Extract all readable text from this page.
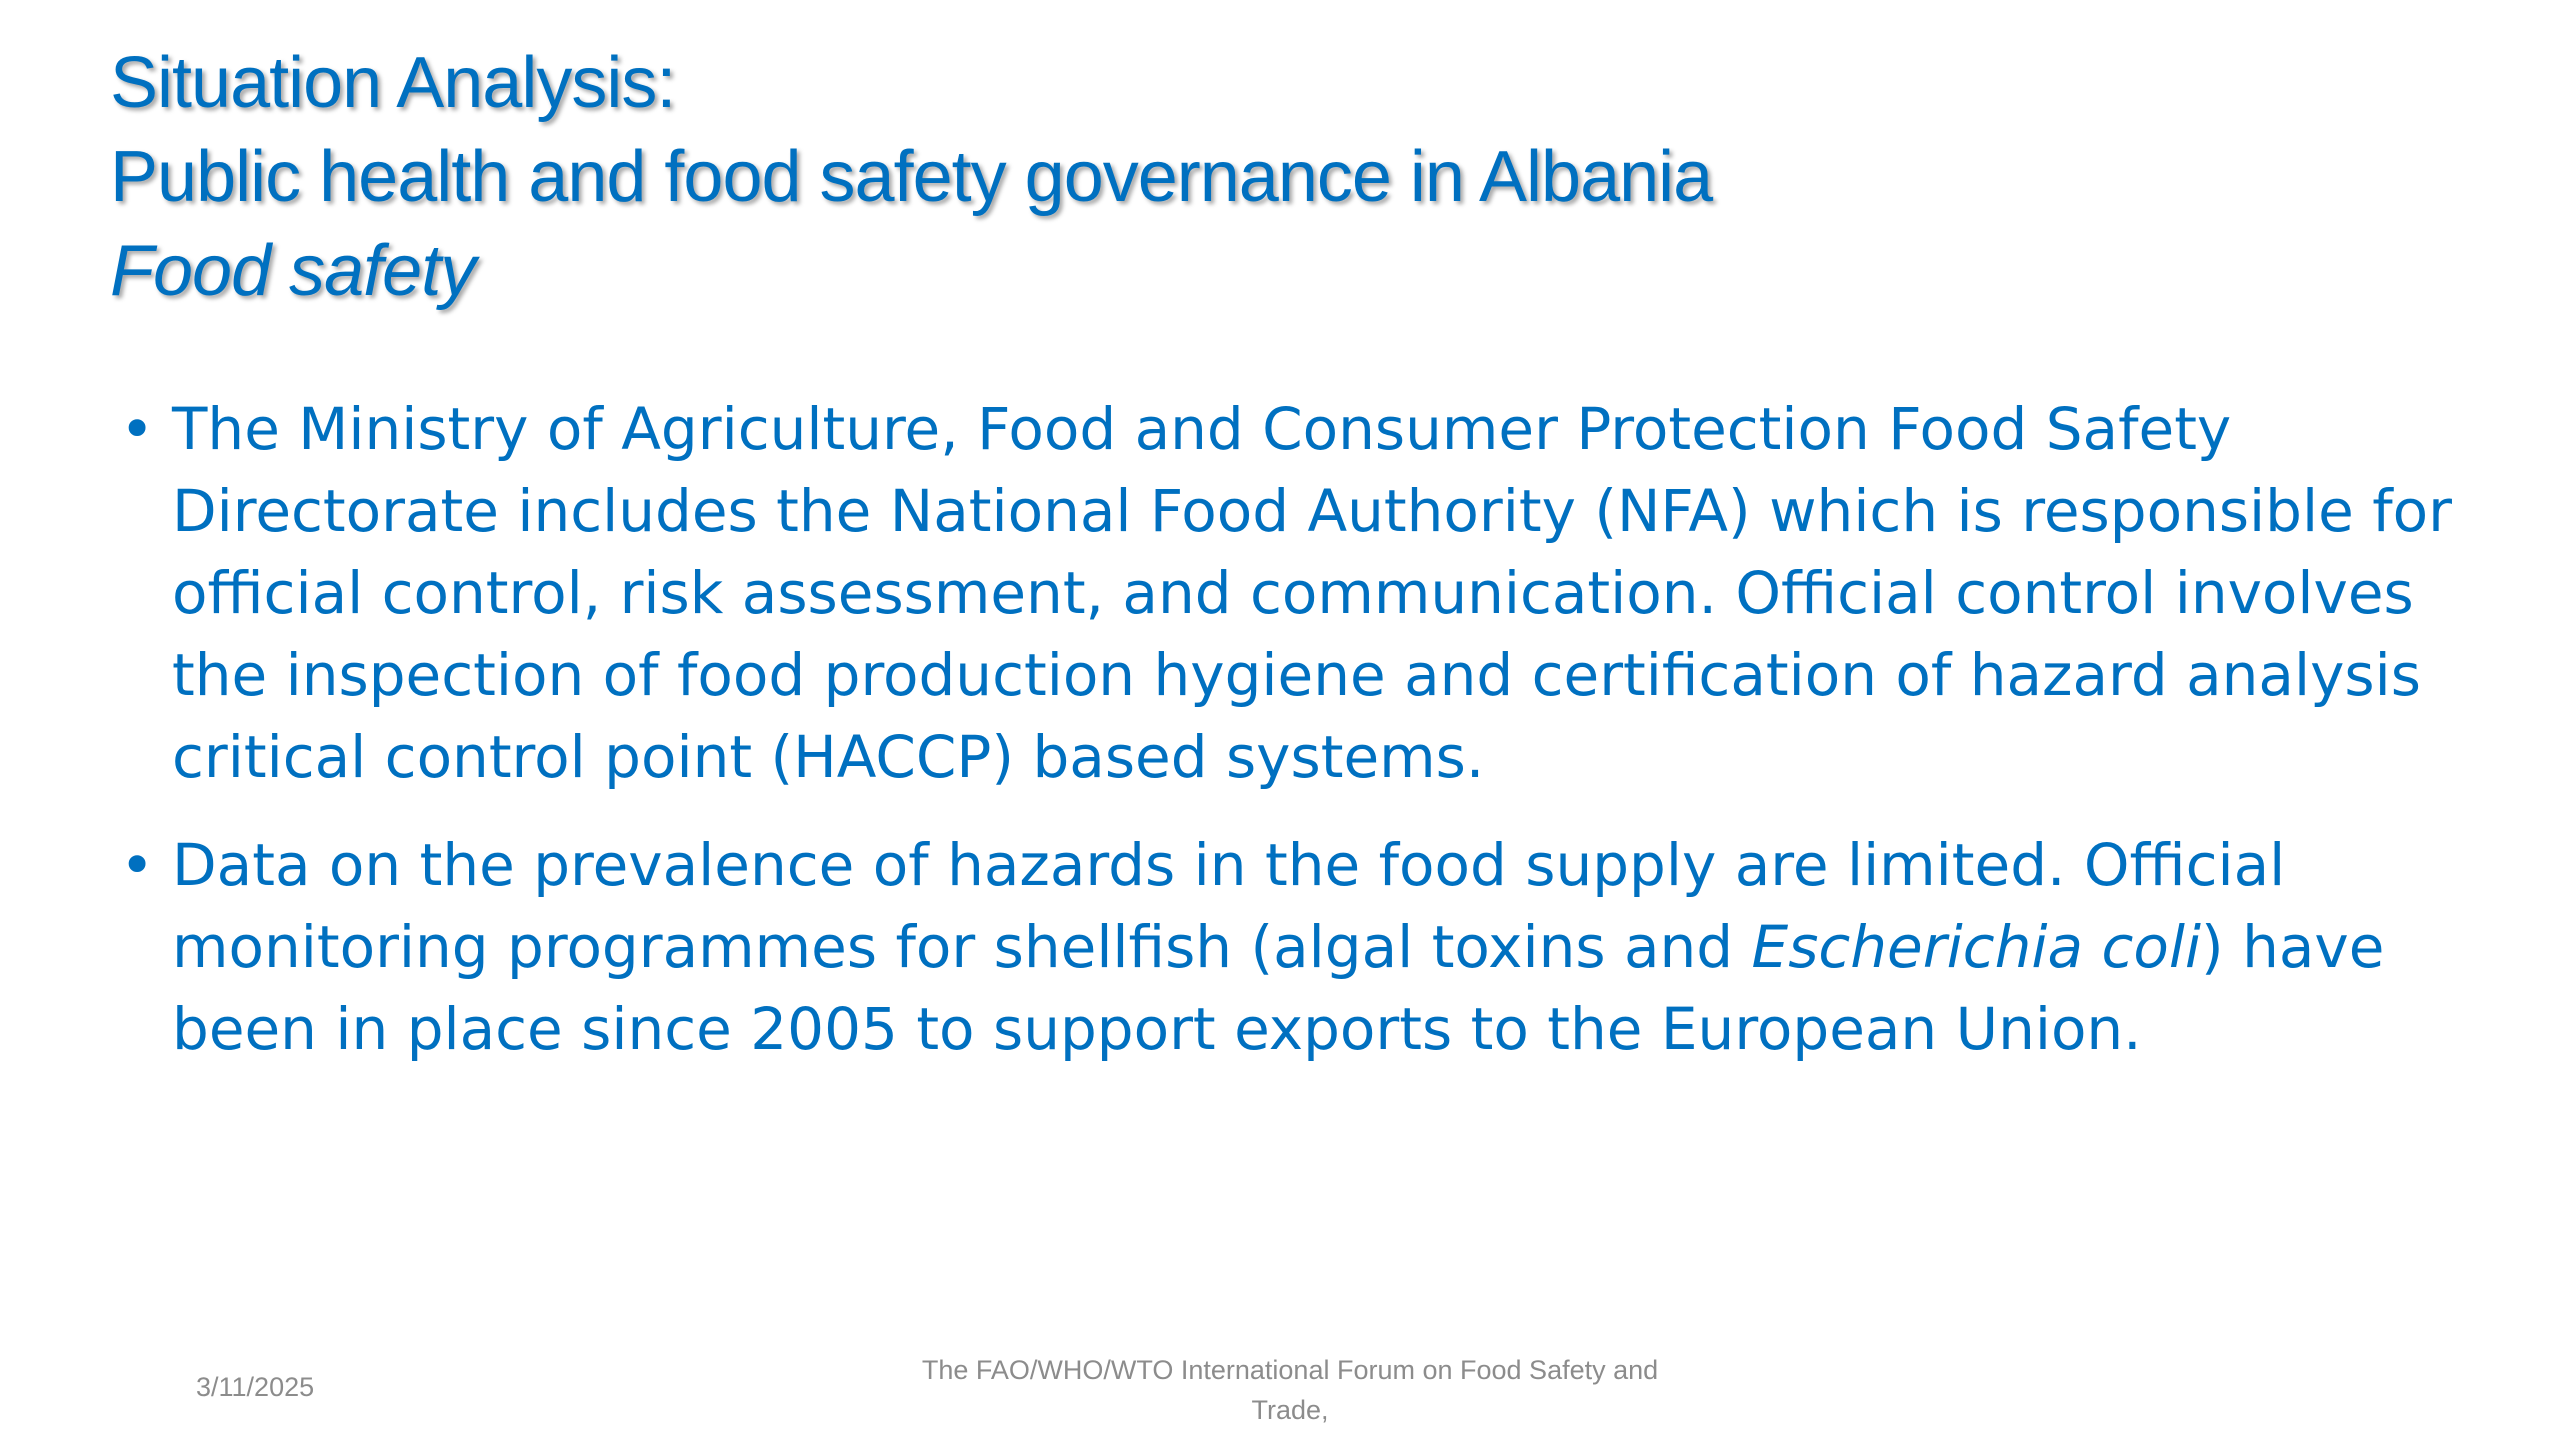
Situation Analysis:
Public health and food safety governance in Albania
Food safety
• The Ministry of Agriculture, Food and Consumer Protection Food Safety Directorate includes the National Food Authority (NFA) which is responsible for official control, risk assessment, and communication. Official control involves the inspection of food production hygiene and certification of hazard analysis critical control point (HACCP) based systems.
• Data on the prevalence of hazards in the food supply are limited. Official monitoring programmes for shellfish (algal toxins and Escherichia coli) have been in place since 2005 to support exports to the European Union.
3/11/2025
The FAO/WHO/WTO International Forum on Food Safety and
Trade,
